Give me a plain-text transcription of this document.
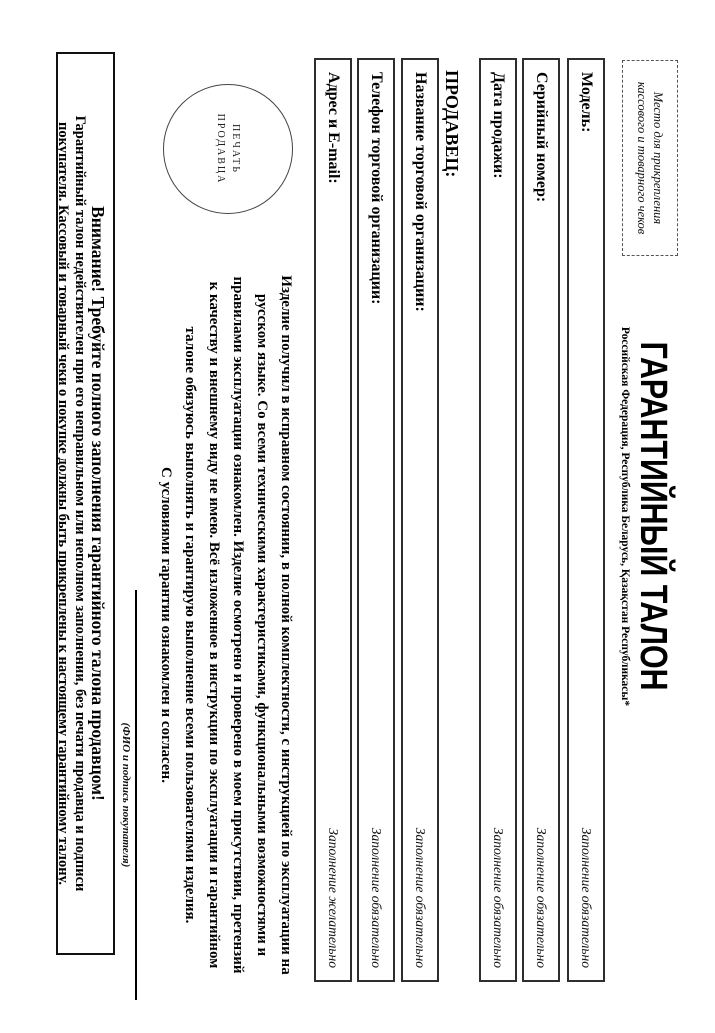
Место для прикрепления
кассового и товарного чеков
ГАРАНТИЙНЫЙ ТАЛОН
Российская Федерация, Республика Беларусь, Қазақстан Республикасы*
Модель:
Заполнение обязательно
Серийный номер:
Заполнение обязательно
Дата продажи:
Заполнение обязательно
ПРОДАВЕЦ:
Название торговой организации:
Заполнение обязательно
Телефон торговой организации:
Заполнение обязательно
Адрес и E-mail:
Заполнение желательно
ПЕЧАТЬ
ПРОДАВЦА
Изделие получил в исправном состоянии, в полной комплектности, с инструкцией по эксплуатации на
русском языке. Со всеми техническими характеристиками, функциональными возможностями и
правилами эксплуатации ознакомлен. Изделие осмотрено и проверено в моем присутствии, претензий
к качеству и внешнему виду не имею. Всё изложенное в инструкции по эксплуатации и гарантийном
талоне обязуюсь выполнять и гарантирую выполнение всеми пользователями изделия.
С условиями гарантии ознакомлен и согласен.
(ФИО и подпись покупателя)
Внимание! Требуйте полного заполнения гарантийного талона продавцом!
Гарантийный талон недействителен при его неправильном или неполном заполнении, без печати продавца и подписи
покупателя. Кассовый и товарный чеки о покупке должны быть прикреплены к настоящему гарантийному талону.
